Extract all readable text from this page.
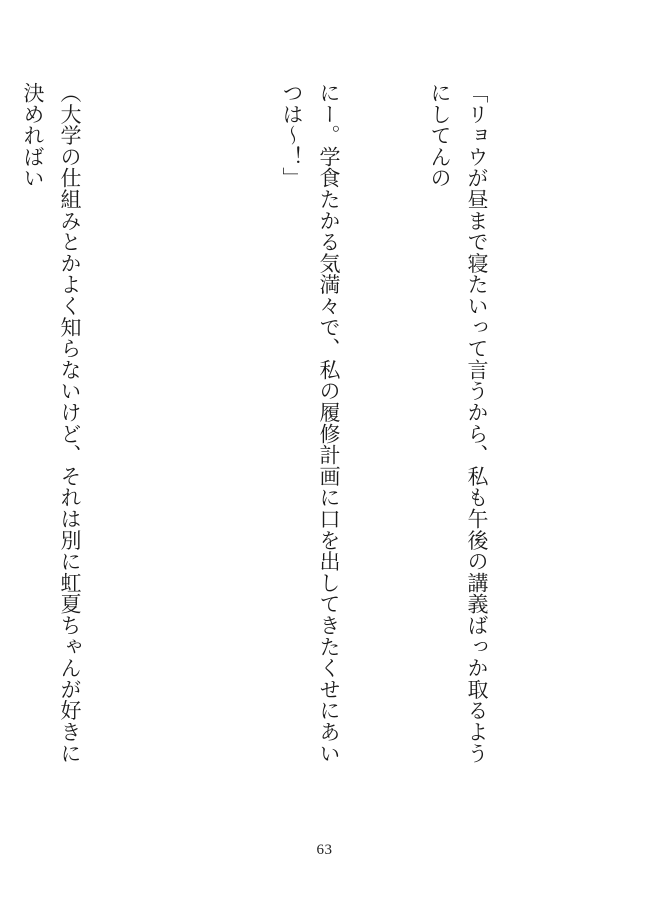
「リョウが昼まで寝たいって言うから、私も午後の講義ばっか取るようにしてんの

にー。学食たかる気満々で、私の履修計画に口を出してきたくせにあいつは～！」

（大学の仕組みとかよく知らないけど、それは別に虹夏ちゃんが好きに決めればい

63
